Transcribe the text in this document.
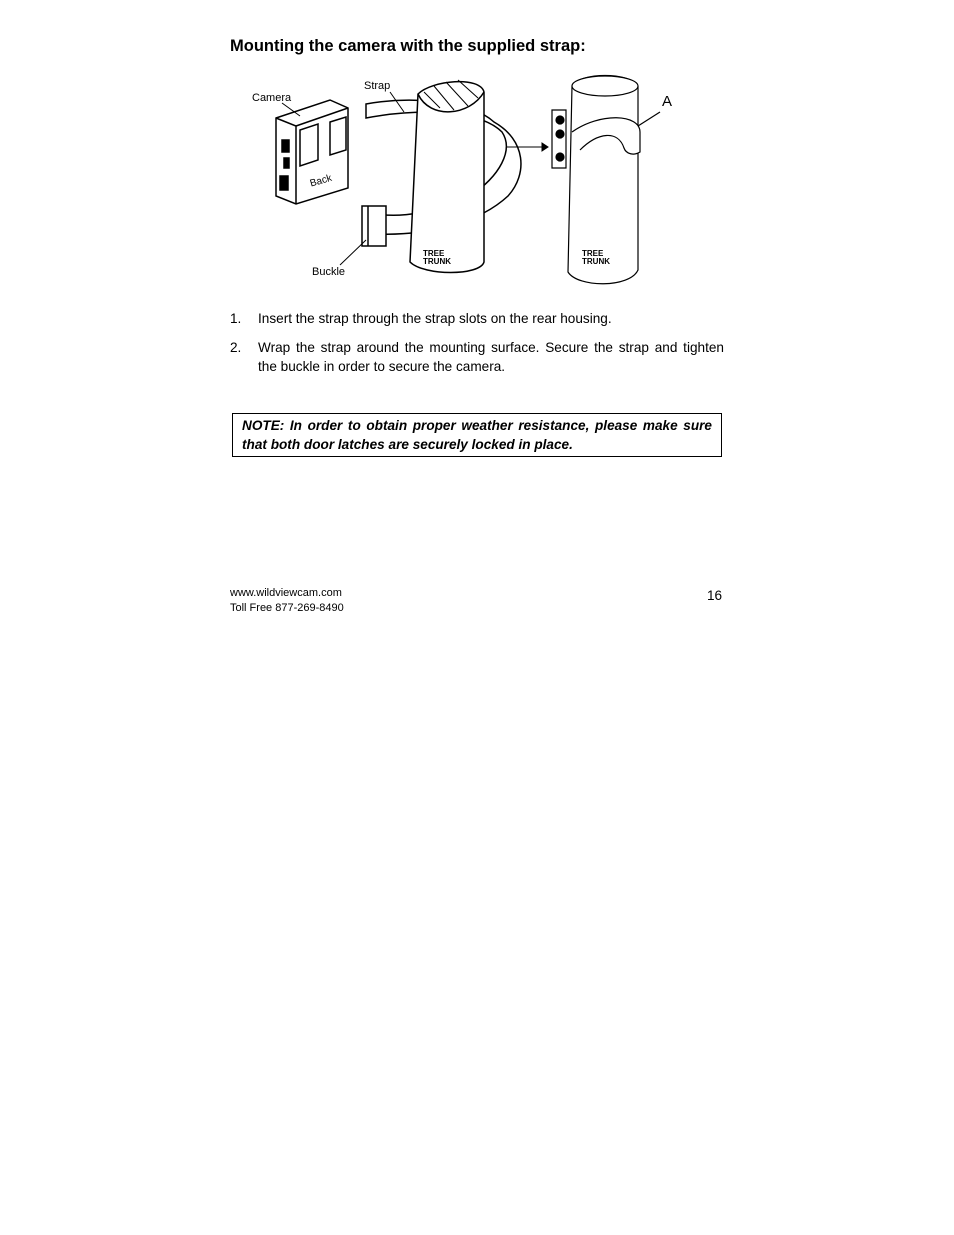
Mounting the camera with the supplied strap:
Camera
Strap
Back
Buckle
TREE
TRUNK
TREE
TRUNK
A
1. Insert the strap through the strap slots on the rear housing.
2. Wrap the strap around the mounting surface. Secure the strap and tighten the buckle in order to secure the camera.
NOTE: In order to obtain proper weather resistance, please make sure that both door latches are securely locked in place.
www.wildviewcam.com
Toll Free 877-269-8490
16
